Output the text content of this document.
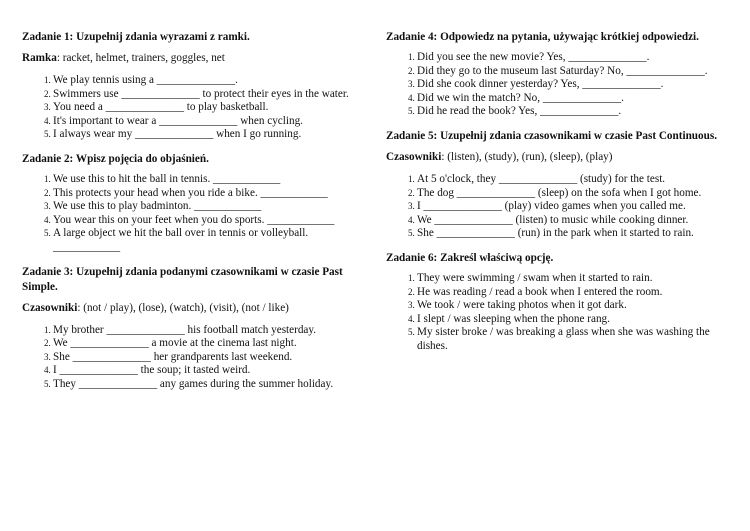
Zadanie 1: Uzupełnij zdania wyrazami z ramki.

Ramka: racket, helmet, trainers, goggles, net

1. We play tennis using a ______________.
2. Swimmers use ______________ to protect their eyes in the water.
3. You need a ______________ to play basketball.
4. It's important to wear a ______________ when cycling.
5. I always wear my ______________ when I go running.

Zadanie 2: Wpisz pojęcia do objaśnień.

1. We use this to hit the ball in tennis. ____________
2. This protects your head when you ride a bike. ____________
3. We use this to play badminton. ____________
4. You wear this on your feet when you do sports. ____________
5. A large object we hit the ball over in tennis or volleyball. ____________

Zadanie 3: Uzupełnij zdania podanymi czasownikami w czasie Past Simple.

Czasowniki: (not / play), (lose), (watch), (visit), (not / like)

1. My brother ______________ his football match yesterday.
2. We ______________ a movie at the cinema last night.
3. She ______________ her grandparents last weekend.
4. I ______________ the soup; it tasted weird.
5. They ______________ any games during the summer holiday.

Zadanie 4: Odpowiedz na pytania, używając krótkiej odpowiedzi.

1. Did you see the new movie? Yes, ______________.
2. Did they go to the museum last Saturday? No, ______________.
3. Did she cook dinner yesterday? Yes, ______________.
4. Did we win the match? No, ______________.
5. Did he read the book? Yes, ______________.

Zadanie 5: Uzupełnij zdania czasownikami w czasie Past Continuous.

Czasowniki: (listen), (study), (run), (sleep), (play)

1. At 5 o'clock, they ______________ (study) for the test.
2. The dog ______________ (sleep) on the sofa when I got home.
3. I ______________ (play) video games when you called me.
4. We ______________ (listen) to music while cooking dinner.
5. She ______________ (run) in the park when it started to rain.

Zadanie 6: Zakreśl właściwą opcję.

1. They were swimming / swam when it started to rain.
2. He was reading / read a book when I entered the room.
3. We took / were taking photos when it got dark.
4. I slept / was sleeping when the phone rang.
5. My sister broke / was breaking a glass when she was washing the dishes.
